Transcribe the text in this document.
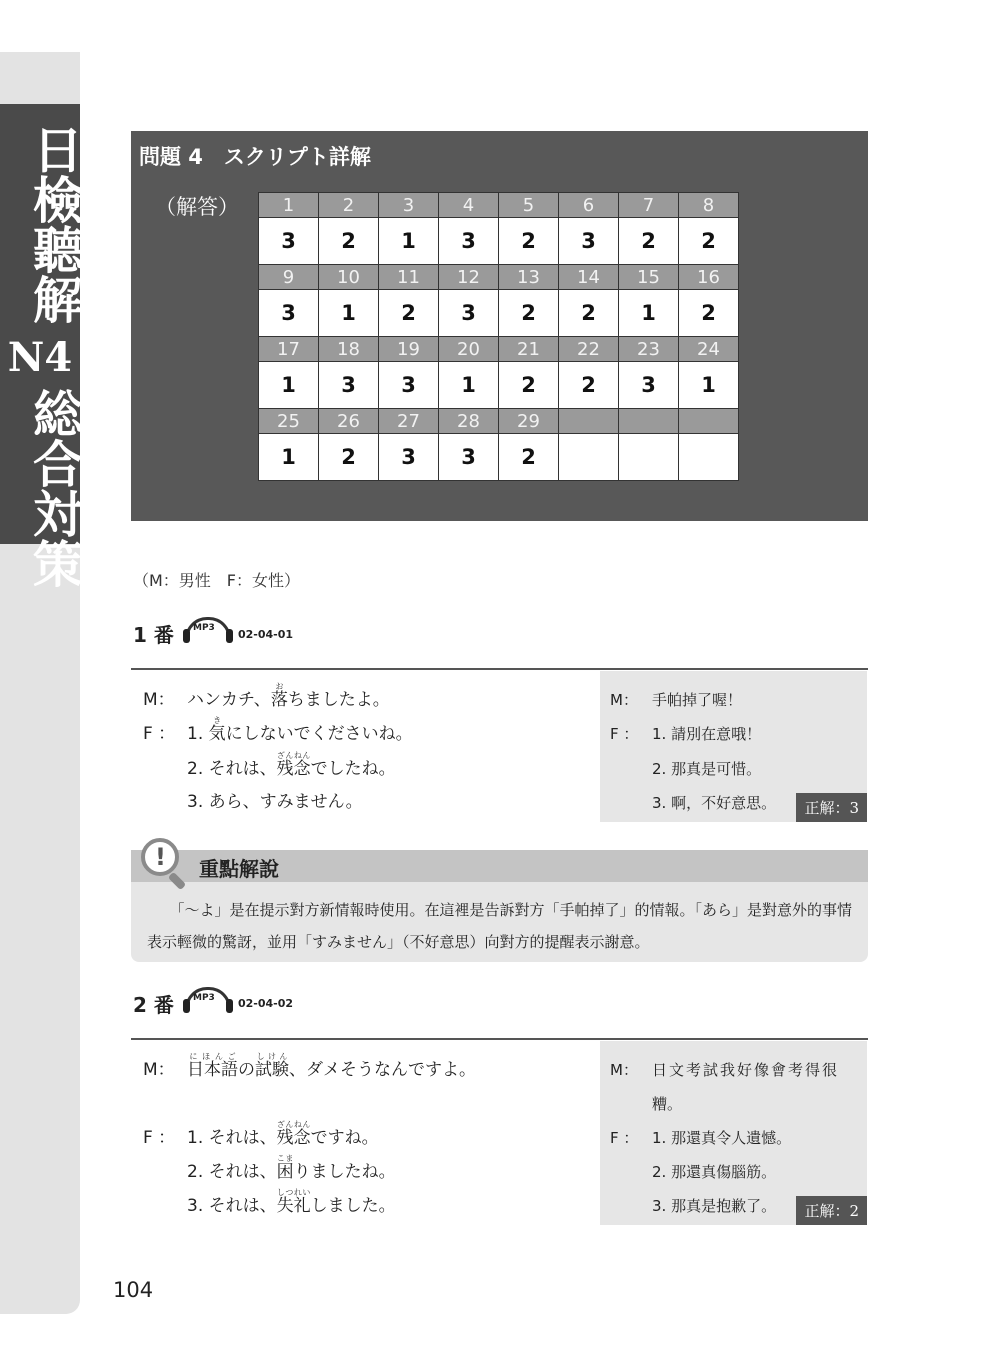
日檢聽解
N4
総合対策
問題 4　スクリプト詳解
（解答） 1	2	3	4	5	6	7	8
3	2	1	3	2	3	2	2
9	10	11	12	13	14	15	16
3	1	2	3	2	2	1	2
17	18	19	20	21	22	23	24
1	3	3	1	2	2	3	1
25	26	27	28	29			
1	2	3	3	2			
（M：男性　F：女性）
1 番 MP3 02-04-01
M： ハンカチ、落おちましたよ。
F ： 1. 気きにしないでくださいね。
2. それは、残念ざんねんでしたね。
3. あら、すみません。
M： 手帕掉了喔！
F ： 1. 請別在意哦！
2. 那真是可惜。
3. 啊，不好意思。	正解：3
! 重點解說
　　「～よ」是在提示對方新情報時使用。在這裡是告訴對方「手帕掉了」的情報。「あら」是對意外的事情表示輕微的驚訝，並用「すみません」（不好意思）向對方的提醒表示謝意。
2 番 MP3 02-04-02
M： 日本語にほんごの試験しけん、ダメそうなんですよ。
F ： 1. それは、残念ざんねんですね。
2. それは、困こまりましたね。
3. それは、失礼しつれいしました。
M： 日文考試我好像會考得很
糟。
F ： 1. 那還真令人遺憾。
2. 那還真傷腦筋。
3. 那真是抱歉了。	正解：2
104
